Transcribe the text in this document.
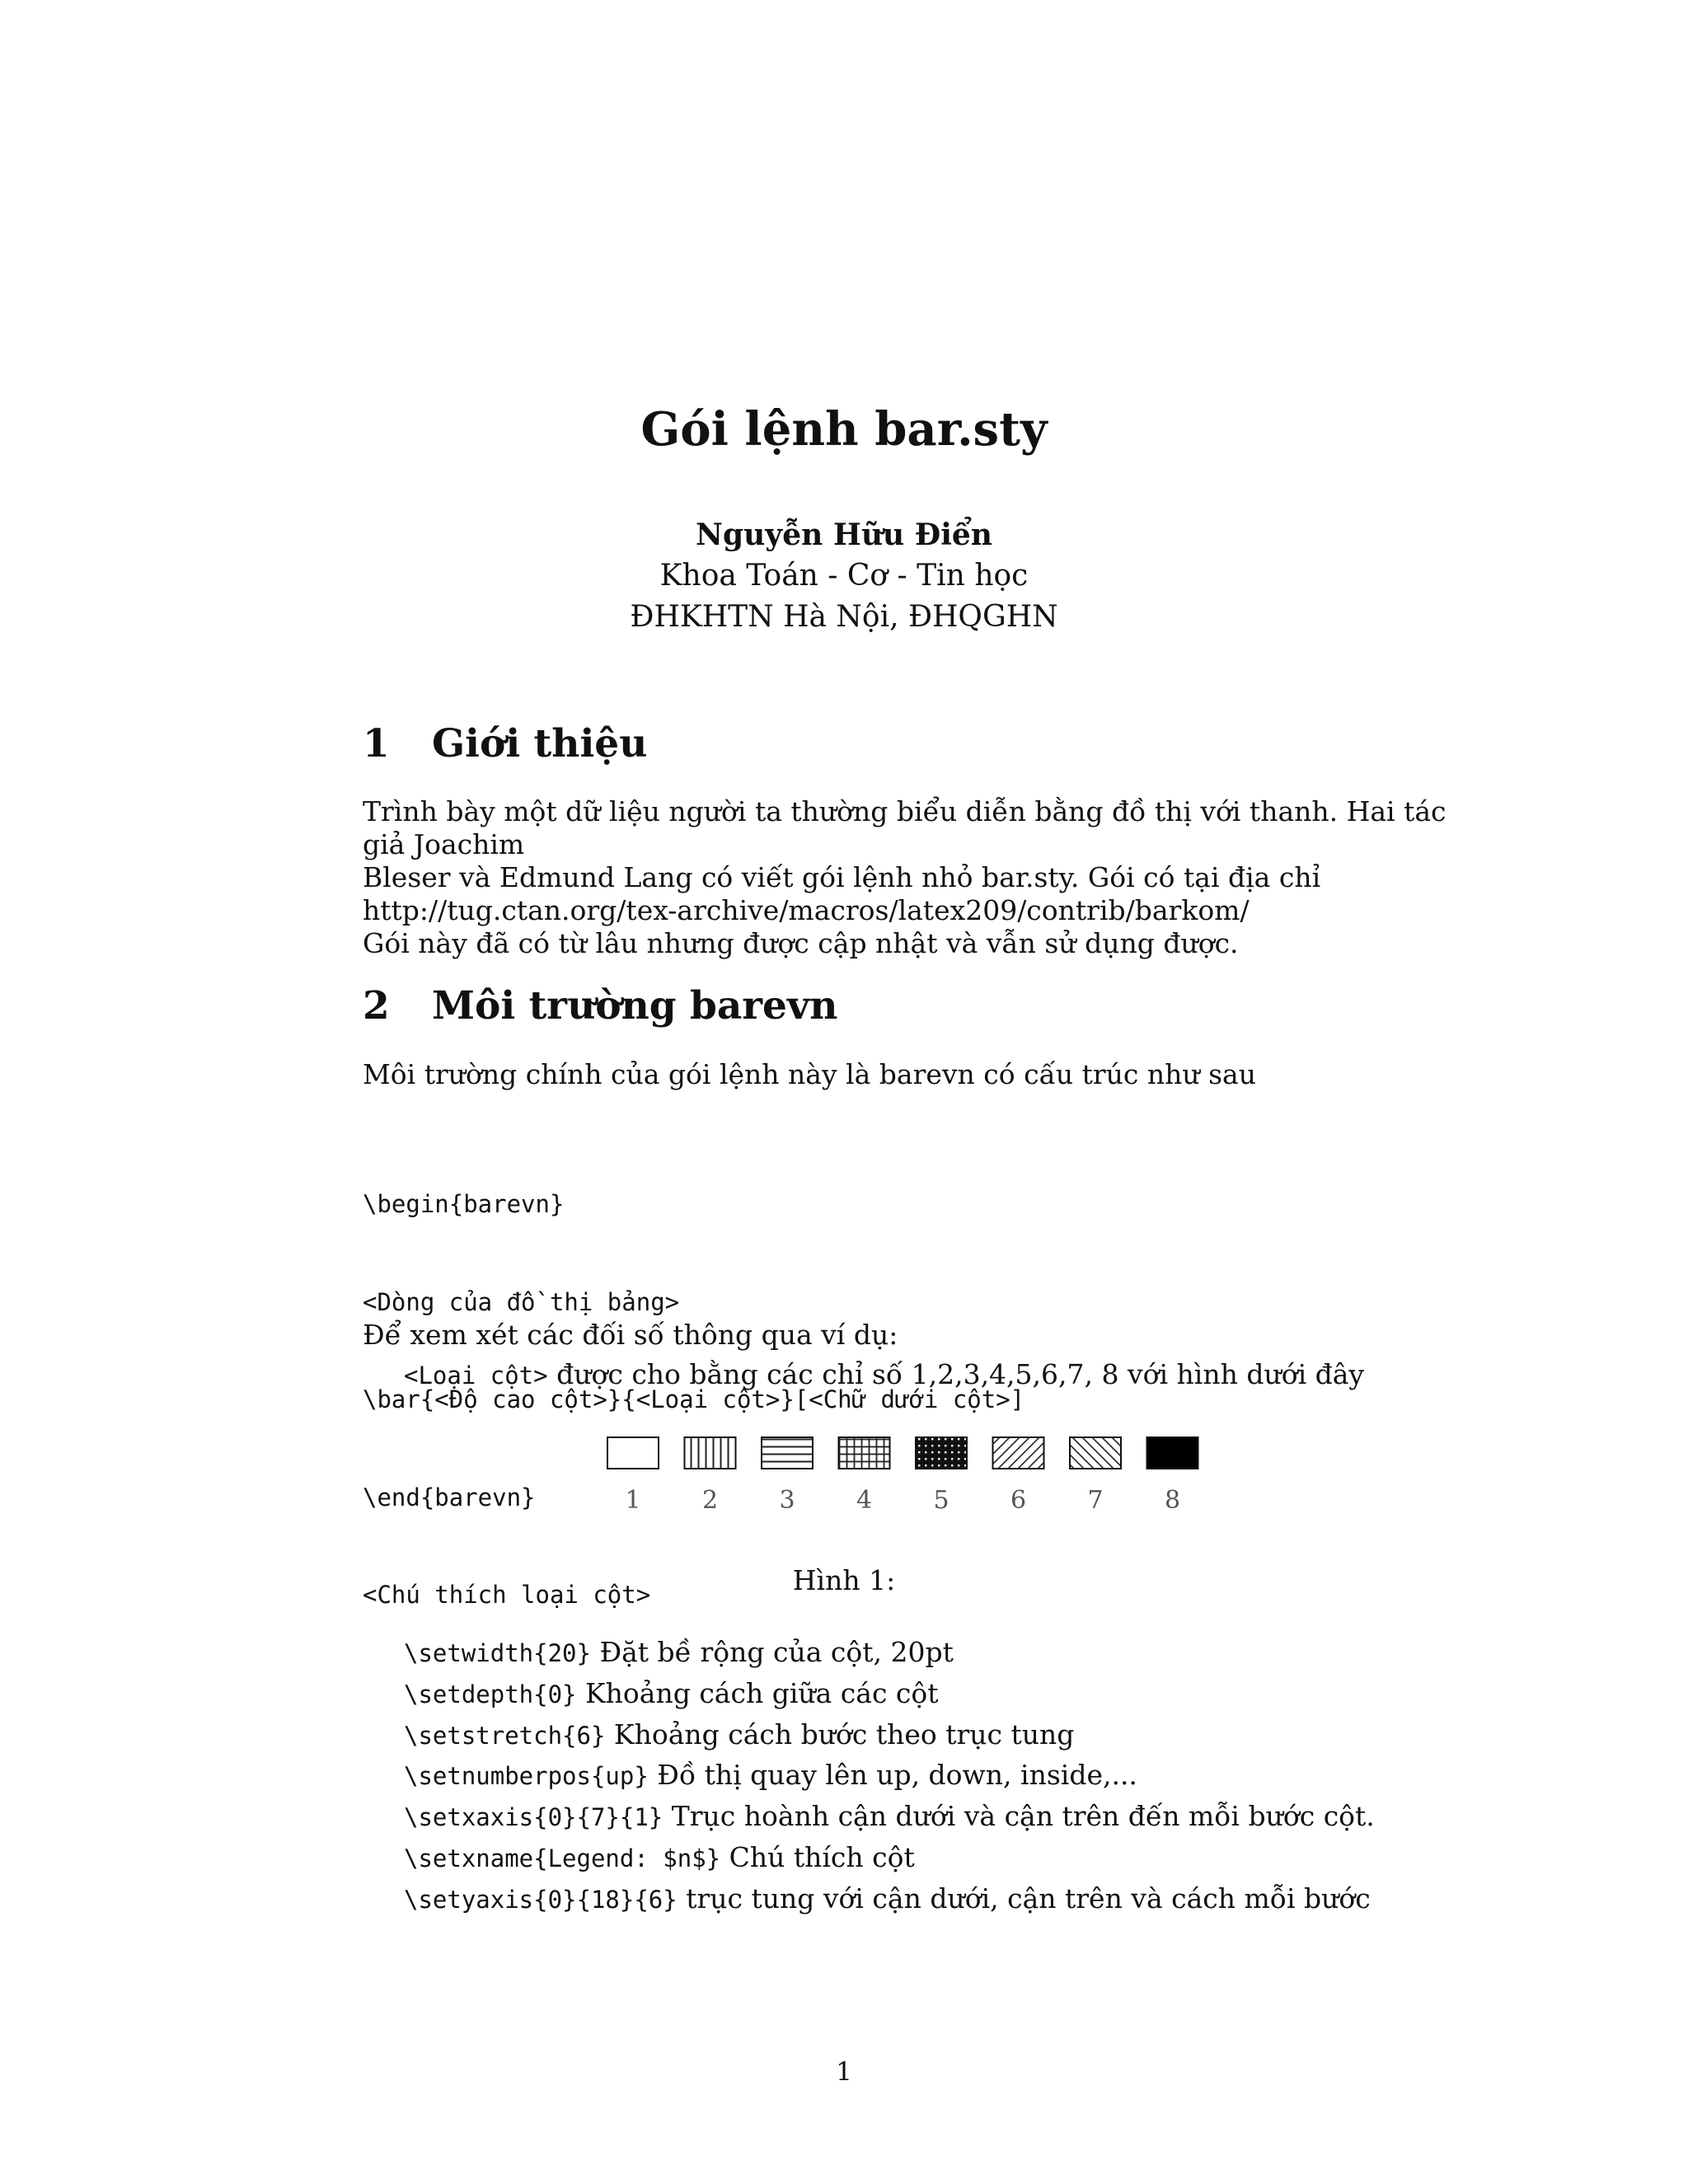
Gói lệnh bar.sty
Nguyễn Hữu Điển
Khoa Toán - Cơ - Tin học
ĐHKHTN Hà Nội, ĐHQGHN
1 Giới thiệu
Trình bày một dữ liệu người ta thường biểu diễn bằng đồ thị với thanh. Hai tác giả Joachim
Bleser và Edmund Lang có viết gói lệnh nhỏ bar.sty. Gói có tại địa chỉ
http://tug.ctan.org/tex-archive/macros/latex209/contrib/barkom/
Gói này đã có từ lâu nhưng được cập nhật và vẫn sử dụng được.
2 Môi trường barevn
Môi trường chính của gói lệnh này là barevn có cấu trúc như sau

\begin{barevn}

<Dòng của đồ thị bảng>

\bar{<Độ cao cột>}{<Loại cột>}[<Chữ dưới cột>]

\end{barevn}

<Chú thích loại cột>

Để xem xét các đối số thông qua ví dụ:
<Loại cột> được cho bằng các chỉ số 1,2,3,4,5,6,7, 8 với hình dưới đây
1 2 3 4 5 6 7 8
Hình 1:
\setwidth{20} Đặt bề rộng của cột, 20pt
\setdepth{0} Khoảng cách giữa các cột
\setstretch{6} Khoảng cách bước theo trục tung
\setnumberpos{up} Đồ thị quay lên up, down, inside,...
\setxaxis{0}{7}{1} Trục hoành cận dưới và cận trên đến mỗi bước cột.
\setxname{Legend: $n$} Chú thích cột
\setyaxis{0}{18}{6} trục tung với cận dưới, cận trên và cách mỗi bước
1
